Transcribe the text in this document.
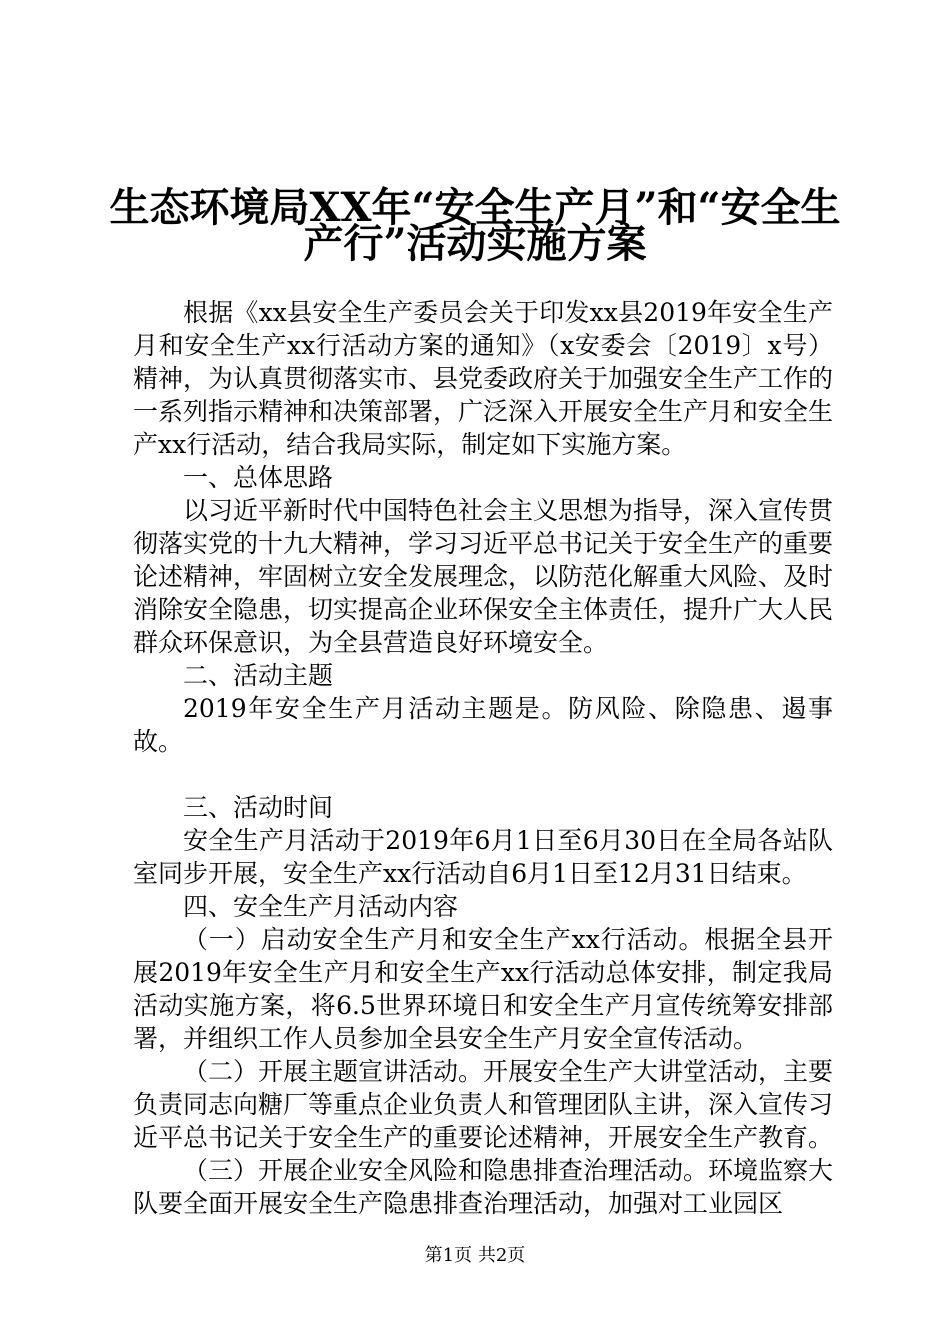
生态环境局XX年“安全生产月”和“安全生
产行”活动实施方案

根据《xx县安全生产委员会关于印发xx县2019年安全生产月和安全生产xx行活动方案的通知》（x安委会〔2019〕x号）精神，为认真贯彻落实市、县党委政府关于加强安全生产工作的一系列指示精神和决策部署，广泛深入开展安全生产月和安全生产xx行活动，结合我局实际，制定如下实施方案。

一、总体思路

以习近平新时代中国特色社会主义思想为指导，深入宣传贯彻落实党的十九大精神，学习习近平总书记关于安全生产的重要论述精神，牢固树立安全发展理念，以防范化解重大风险、及时消除安全隐患，切实提高企业环保安全主体责任，提升广大人民群众环保意识，为全县营造良好环境安全。

二、活动主题

2019年安全生产月活动主题是。防风险、除隐患、遏事故。

三、活动时间

安全生产月活动于2019年6月1日至6月30日在全局各站队室同步开展，安全生产xx行活动自6月1日至12月31日结束。

四、安全生产月活动内容

（一）启动安全生产月和安全生产xx行活动。根据全县开展2019年安全生产月和安全生产xx行活动总体安排，制定我局活动实施方案，将6.5世界环境日和安全生产月宣传统筹安排部署，并组织工作人员参加全县安全生产月安全宣传活动。

（二）开展主题宣讲活动。开展安全生产大讲堂活动，主要负责同志向糖厂等重点企业负责人和管理团队主讲，深入宣传习近平总书记关于安全生产的重要论述精神，开展安全生产教育。

（三）开展企业安全风险和隐患排查治理活动。环境监察大队要全面开展安全生产隐患排查治理活动，加强对工业园区

第1页 共2页
